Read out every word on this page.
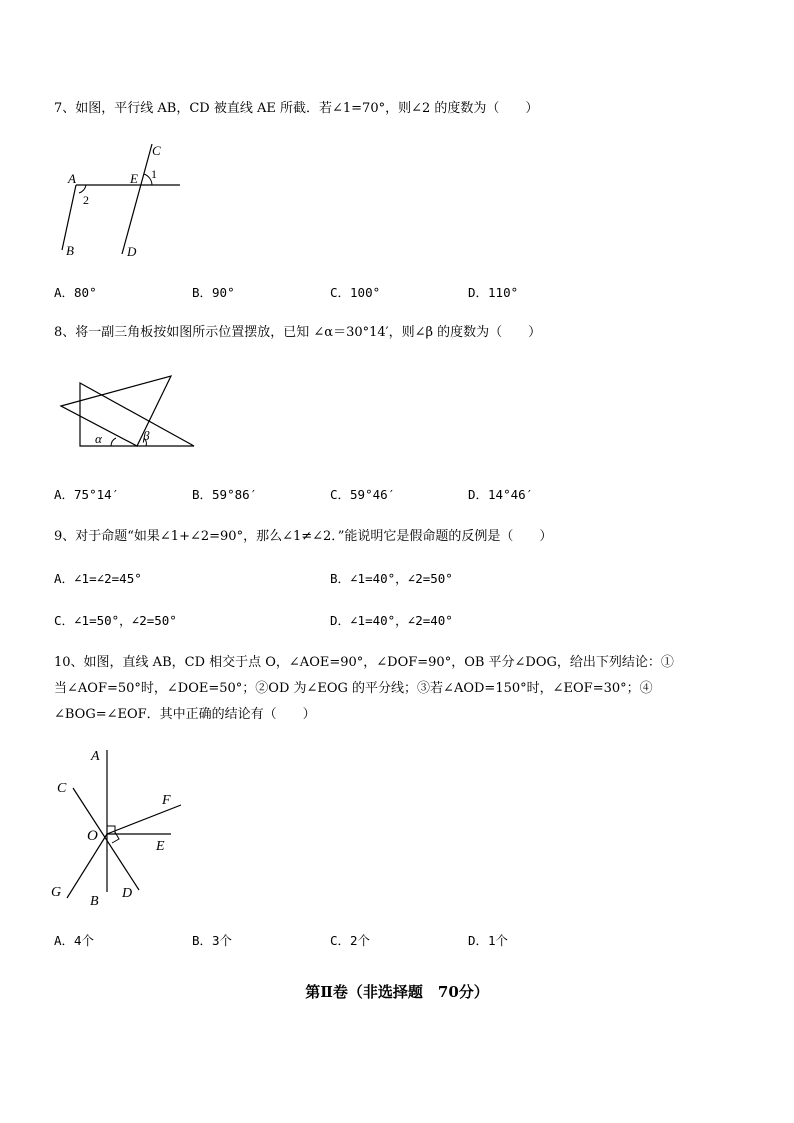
7、如图，平行线 AB，CD 被直线 AE 所截．若∠1=70°，则∠2 的度数为（　　）
A	E
C
1
2
B	D
A．80°	B．90°	C．100°	D．110°
8、将一副三角板按如图所示位置摆放，已知 ∠α＝30°14′，则∠β 的度数为（　　）
α	β
A．75°14′	B．59°86′	C．59°46′	D．14°46′
9、对于命题“如果∠1+∠2=90°，那么∠1≠∠2．”能说明它是假命题的反例是（　　）
A．∠1=∠2=45°	B．∠1=40°，∠2=50°
C．∠1=50°，∠2=50°	D．∠1=40°，∠2=40°
10、如图，直线 AB，CD 相交于点 O，∠AOE=90°，∠DOF=90°，OB 平分∠DOG，给出下列结论：①
当∠AOF=50°时，∠DOE=50°；②OD 为∠EOG 的平分线；③若∠AOD=150°时，∠EOF=30°；④
∠BOG=∠EOF．其中正确的结论有（　　）
A
C
F
O
E
G
B
D
A．4个	B．3个	C．2个	D．1个
第Ⅱ卷（非选择题　70分）
